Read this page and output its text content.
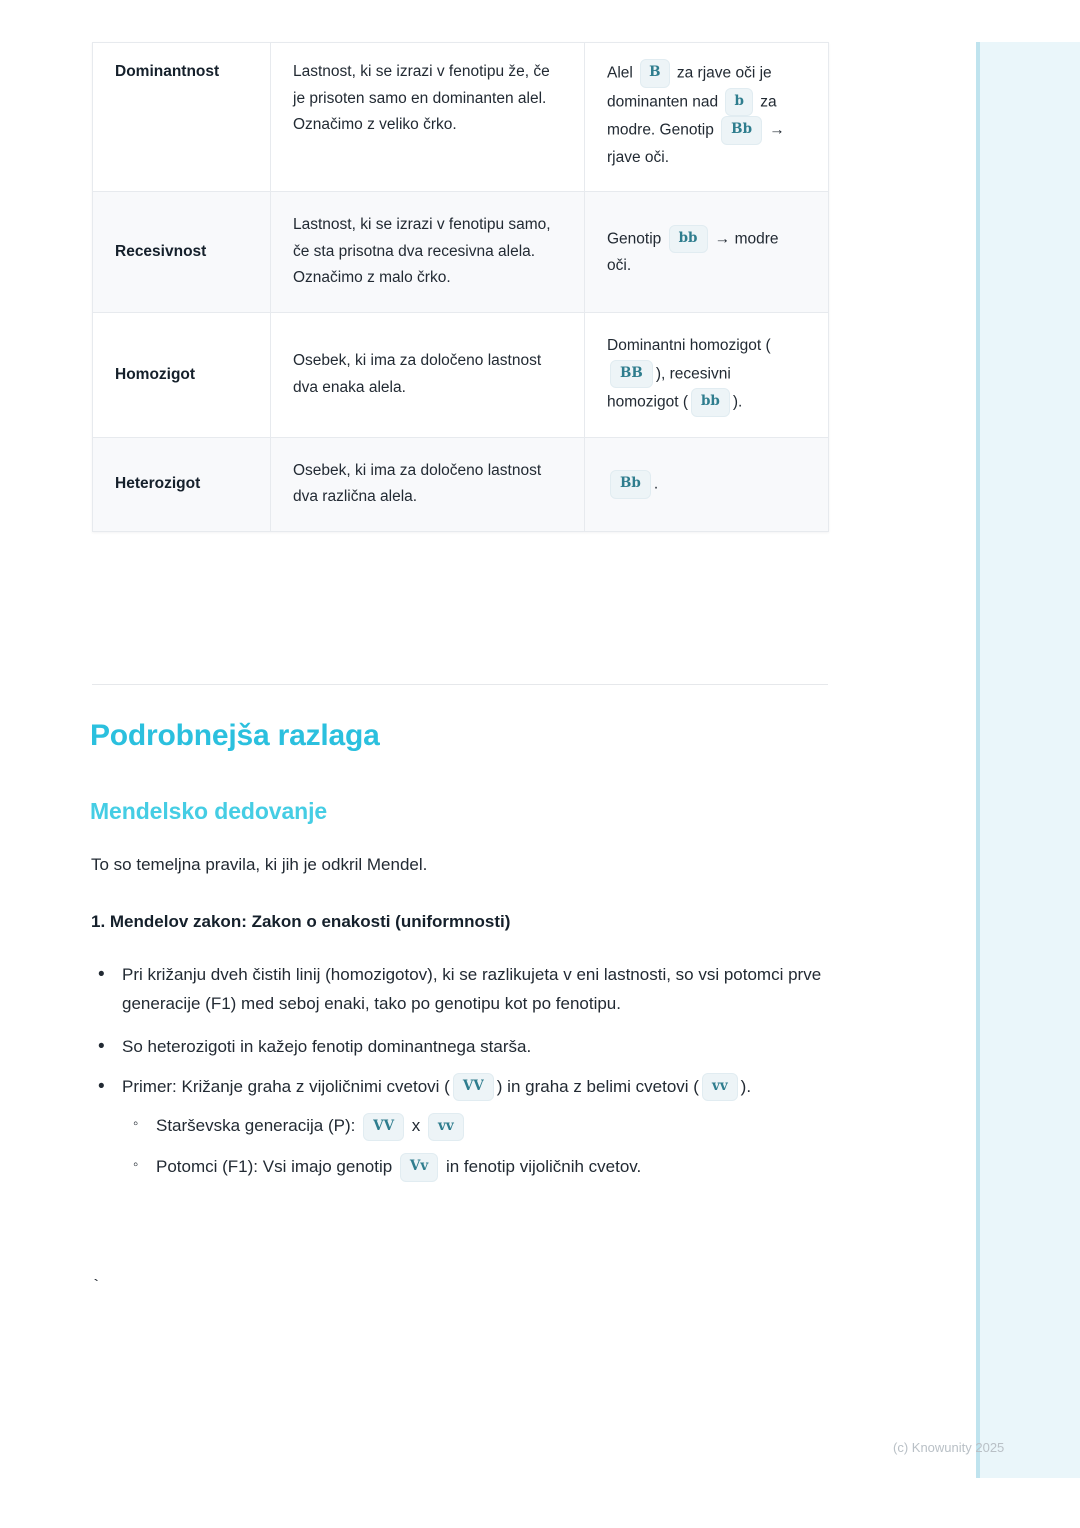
Dominantnost	Lastnost, ki se izrazi v fenotipu že, če je prisoten samo en dominanten alel. Označimo z veliko črko.	Alel B za rjave oči je dominanten nad b za modre. Genotip Bb → rjave oči.
Recesivnost	Lastnost, ki se izrazi v fenotipu samo, če sta prisotna dva recesivna alela. Označimo z malo črko.	Genotip bb → modre oči.
Homozigot	Osebek, ki ima za določeno lastnost dva enaka alela.	Dominantni homozigot (BB ), recesivni homozigot ( bb ).
Heterozigot	Osebek, ki ima za določeno lastnost dva različna alela.	Bb .
Podrobnejša razlaga
Mendelsko dedovanje

To so temeljna pravila, ki jih je odkril Mendel.

1. Mendelov zakon: Zakon o enakosti (uniformnosti)

• Pri križanju dveh čistih linij (homozigotov), ki se razlikujeta v eni lastnosti, so vsi potomci prve generacije (F1) med seboj enaki, tako po genotipu kot po fenotipu.
• So heterozigoti in kažejo fenotip dominantnega starša.
• Primer: Križanje graha z vijoličnimi cvetovi ( VV ) in graha z belimi cvetovi ( vv ).
◦ Starševska generacija (P): VV x vv
◦ Potomci (F1): Vsi imajo genotip Vv in fenotip vijoličnih cvetov.
`
(c) Knowunity 2025
